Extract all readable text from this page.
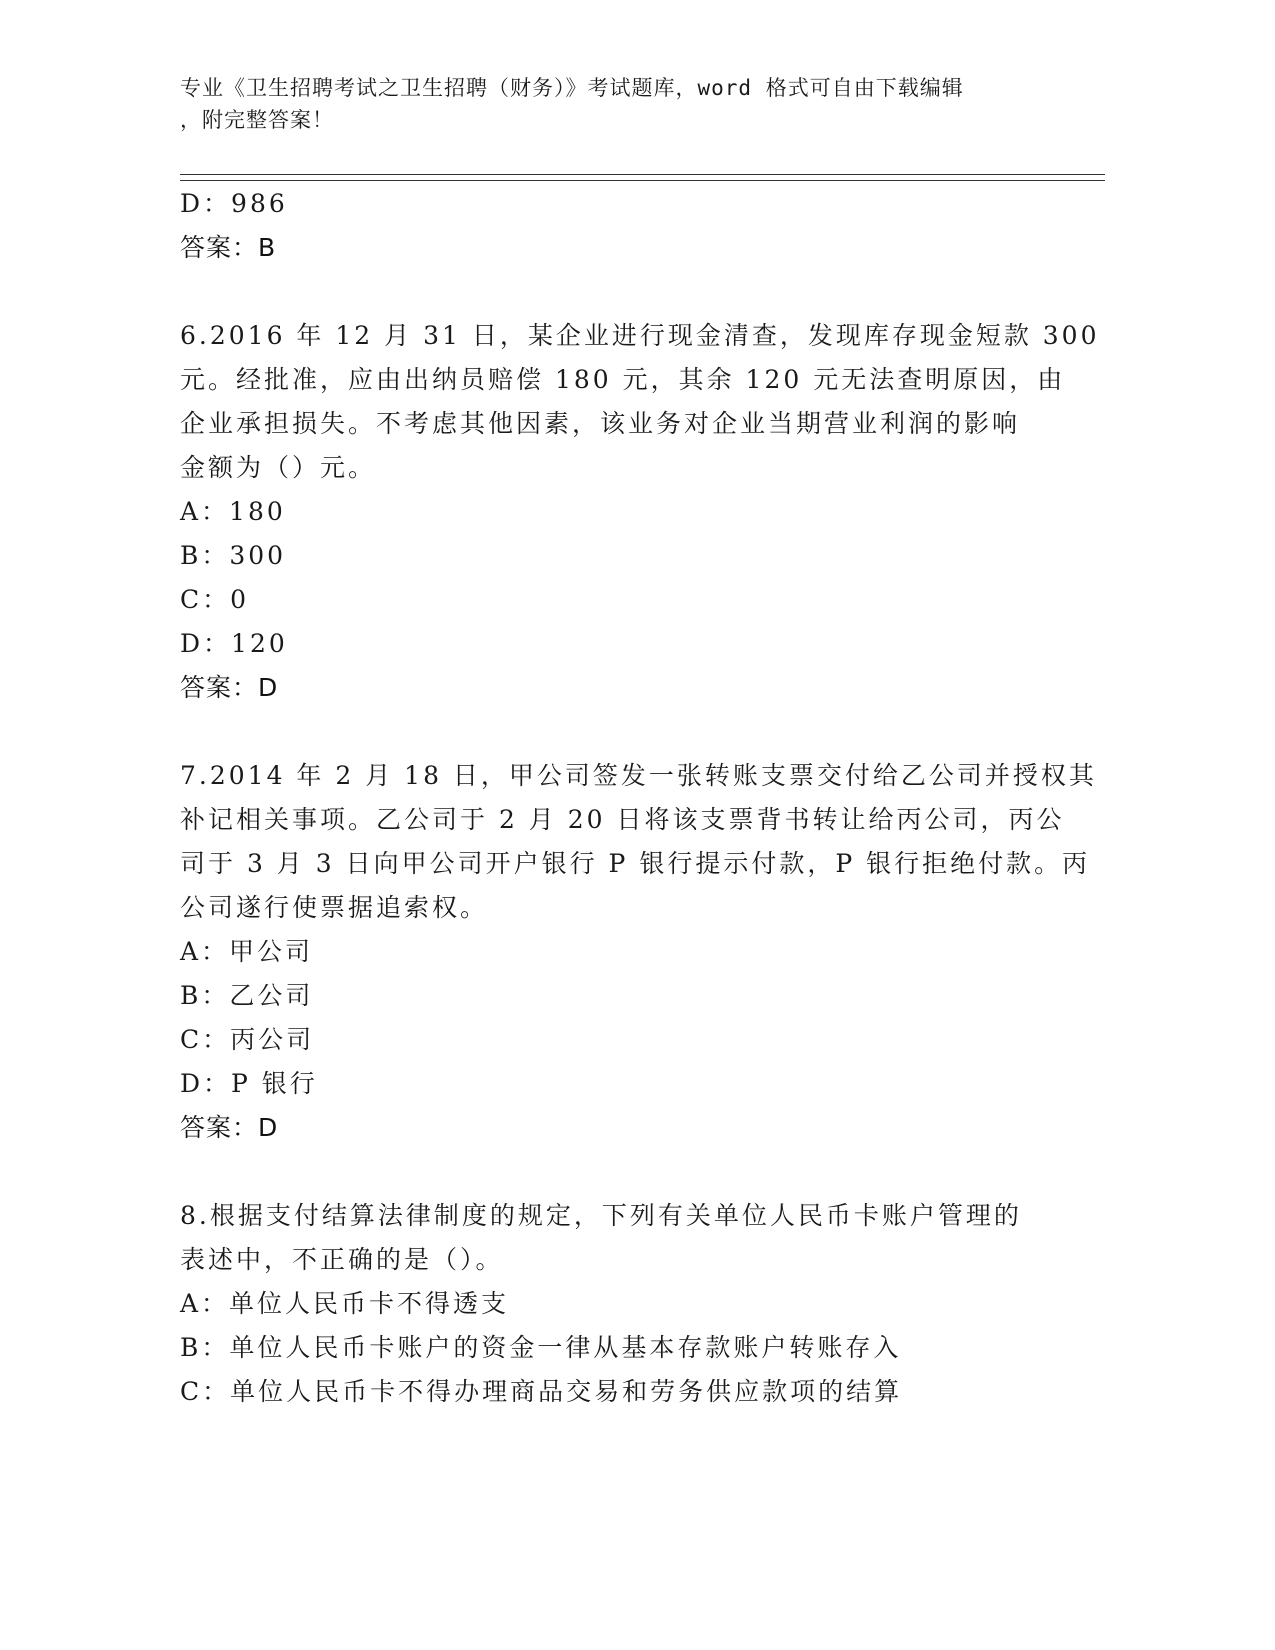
专业《卫生招聘考试之卫生招聘（财务）》考试题库，word 格式可自由下载编辑
，附完整答案！
D：986
答案：B
6.2016 年 12 月 31 日，某企业进行现金清查，发现库存现金短款 300
元。经批准，应由出纳员赔偿 180 元，其余 120 元无法查明原因，由
企业承担损失。不考虑其他因素，该业务对企业当期营业利润的影响
金额为（）元。
A：180
B：300
C：0
D：120
答案：D
7.2014 年 2 月 18 日，甲公司签发一张转账支票交付给乙公司并授权其
补记相关事项。乙公司于 2 月 20 日将该支票背书转让给丙公司，丙公
司于 3 月 3 日向甲公司开户银行 P 银行提示付款，P 银行拒绝付款。丙
公司遂行使票据追索权。
A：甲公司
B：乙公司
C：丙公司
D：P 银行
答案：D
8.根据支付结算法律制度的规定，下列有关单位人民币卡账户管理的
表述中，不正确的是（）。
A：单位人民币卡不得透支
B：单位人民币卡账户的资金一律从基本存款账户转账存入
C：单位人民币卡不得办理商品交易和劳务供应款项的结算
